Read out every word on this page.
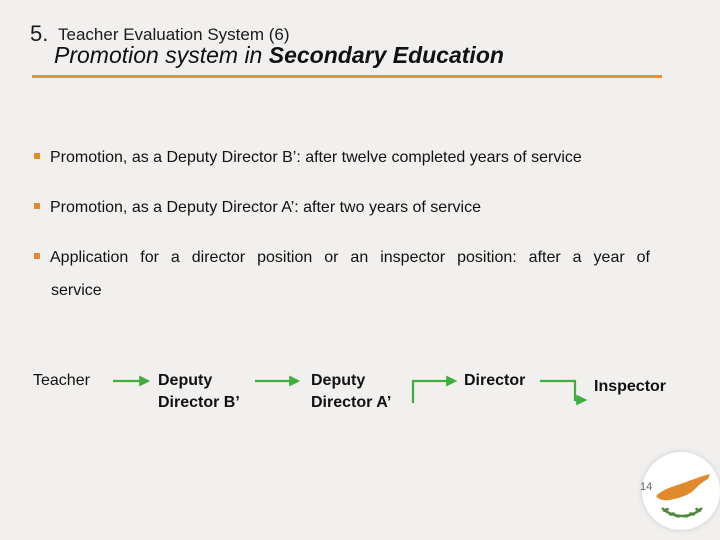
5. Teacher Evaluation System (6)
Promotion system in Secondary Education
Promotion, as a Deputy Director B’: after twelve completed years of service
Promotion, as a Deputy Director A’: after two years of service
Application for a director position or an inspector position: after a year of
service
Teacher	Deputy
Director B’
Deputy
Director A’
Director	Inspector
14
